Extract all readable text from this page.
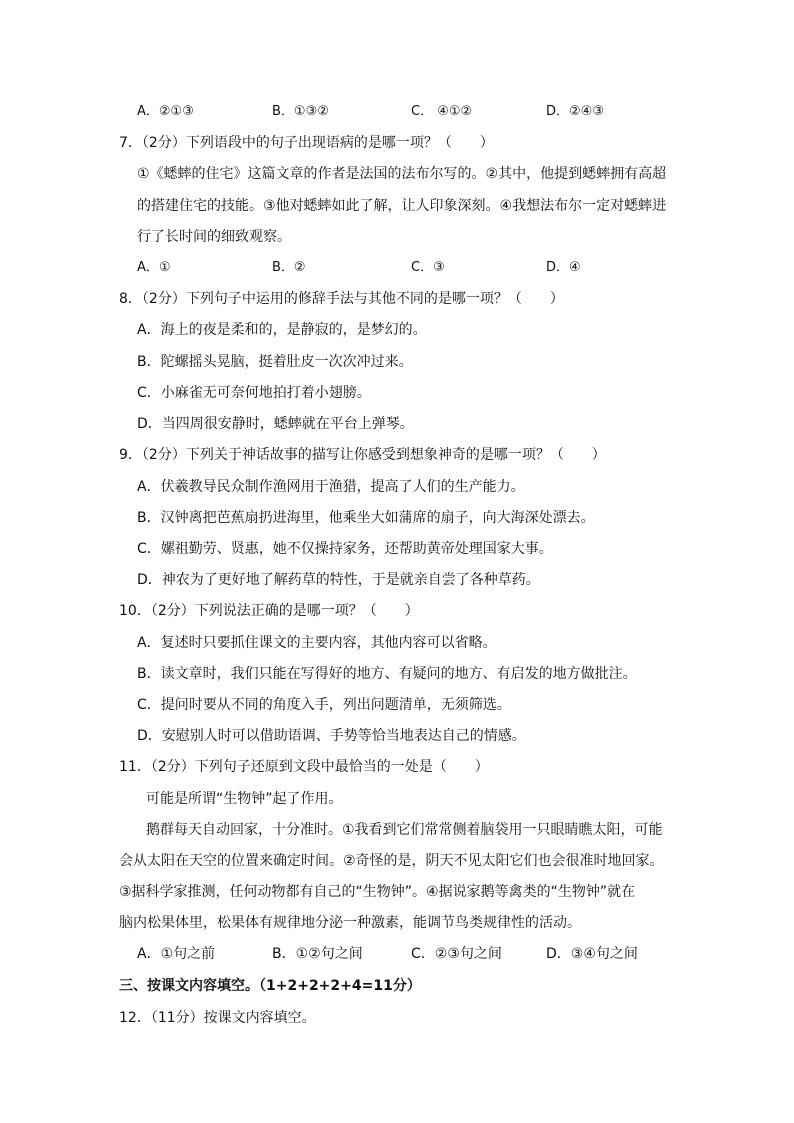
A．②①③	B．①③②	C． ④①②	D．②④③
7．（2分）下列语段中的句子出现语病的是哪一项？（　　）
①《蟋蟀的住宅》这篇文章的作者是法国的法布尔写的。②其中，他提到蟋蟀拥有高超
的搭建住宅的技能。③他对蟋蟀如此了解，让人印象深刻。④我想法布尔一定对蟋蟀进
行了长时间的细致观察。
A．①	B．②	C．③	D．④
8．（2分）下列句子中运用的修辞手法与其他不同的是哪一项？（　　）
A．海上的夜是柔和的，是静寂的，是梦幻的。
B．陀螺摇头晃脑，挺着肚皮一次次冲过来。
C．小麻雀无可奈何地拍打着小翅膀。
D．当四周很安静时，蟋蟀就在平台上弹琴。
9．（2分）下列关于神话故事的描写让你感受到想象神奇的是哪一项？（　　）
A．伏羲教导民众制作渔网用于渔猎，提高了人们的生产能力。
B．汉钟离把芭蕉扇扔进海里，他乘坐大如蒲席的扇子，向大海深处漂去。
C．嫘祖勤劳、贤惠，她不仅操持家务，还帮助黄帝处理国家大事。
D．神农为了更好地了解药草的特性，于是就亲自尝了各种草药。
10．（2分）下列说法正确的是哪一项？（　　）
A．复述时只要抓住课文的主要内容，其他内容可以省略。
B．读文章时，我们只能在写得好的地方、有疑问的地方、有启发的地方做批注。
C．提问时要从不同的角度入手，列出问题清单，无须筛选。
D．安慰别人时可以借助语调、手势等恰当地表达自己的情感。
11．（2分）下列句子还原到文段中最恰当的一处是（　　）
可能是所谓“生物钟”起了作用。
鹅群每天自动回家，十分准时。①我看到它们常常侧着脑袋用一只眼睛瞧太阳，可能
会从太阳在天空的位置来确定时间。②奇怪的是，阴天不见太阳它们也会很准时地回家。
③据科学家推测，任何动物都有自己的“生物钟”。④据说家鹅等禽类的“生物钟”就在
脑内松果体里，松果体有规律地分泌一种激素，能调节鸟类规律性的活动。
A．①句之前	B．①②句之间	C．②③句之间	D．③④句之间
三、按课文内容填空。（1+2+2+2+4=11分）
12．（11分）按课文内容填空。
